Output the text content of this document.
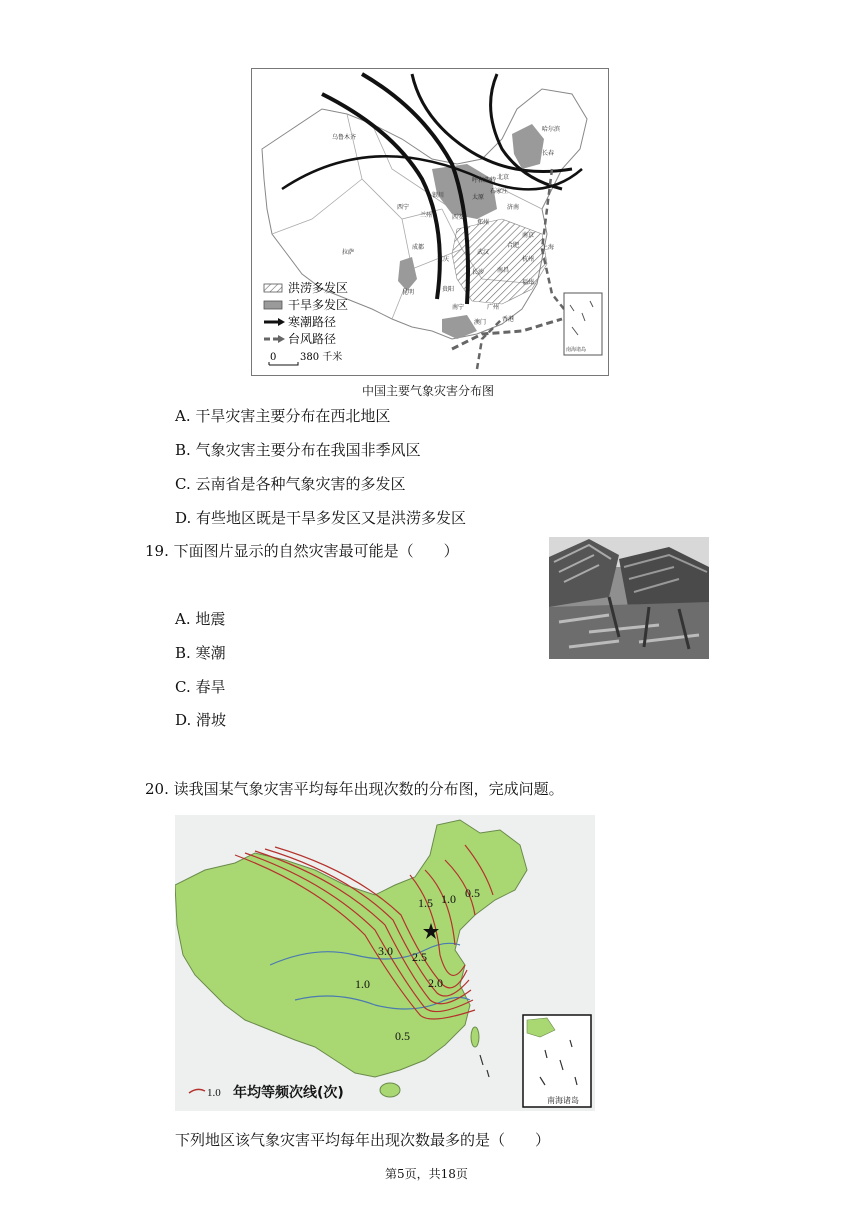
南海诸岛
乌鲁木齐
哈尔滨
长春
呼和浩特 北京
银川
兰州
西宁
太原
石家庄
济南
西安
郑州
南京
合肥	上海
成都
武汉
杭州
重庆
长沙 南昌
福州
拉萨
贵阳
昆明
广州
南宁
香港
澳门
洪涝多发区
干旱多发区
寒潮路径
台风路径
0 380 千米
中国主要气象灾害分布图
A. 干旱灾害主要分布在西北地区
B. 气象灾害主要分布在我国非季风区
C. 云南省是各种气象灾害的多发区
D. 有些地区既是干旱多发区又是洪涝多发区
19. 下面图片显示的自然灾害最可能是（　　）
A. 地震
B. 寒潮
C. 春旱
D. 滑坡
20. 读我国某气象灾害平均每年出现次数的分布图，完成问题。
0.5
1.0
1.5
3.0 2.5
1.0	2.0
0.5
南海诸岛
1.0 年均等频次线(次)
下列地区该气象灾害平均每年出现次数最多的是（　　）
第5页，共18页
